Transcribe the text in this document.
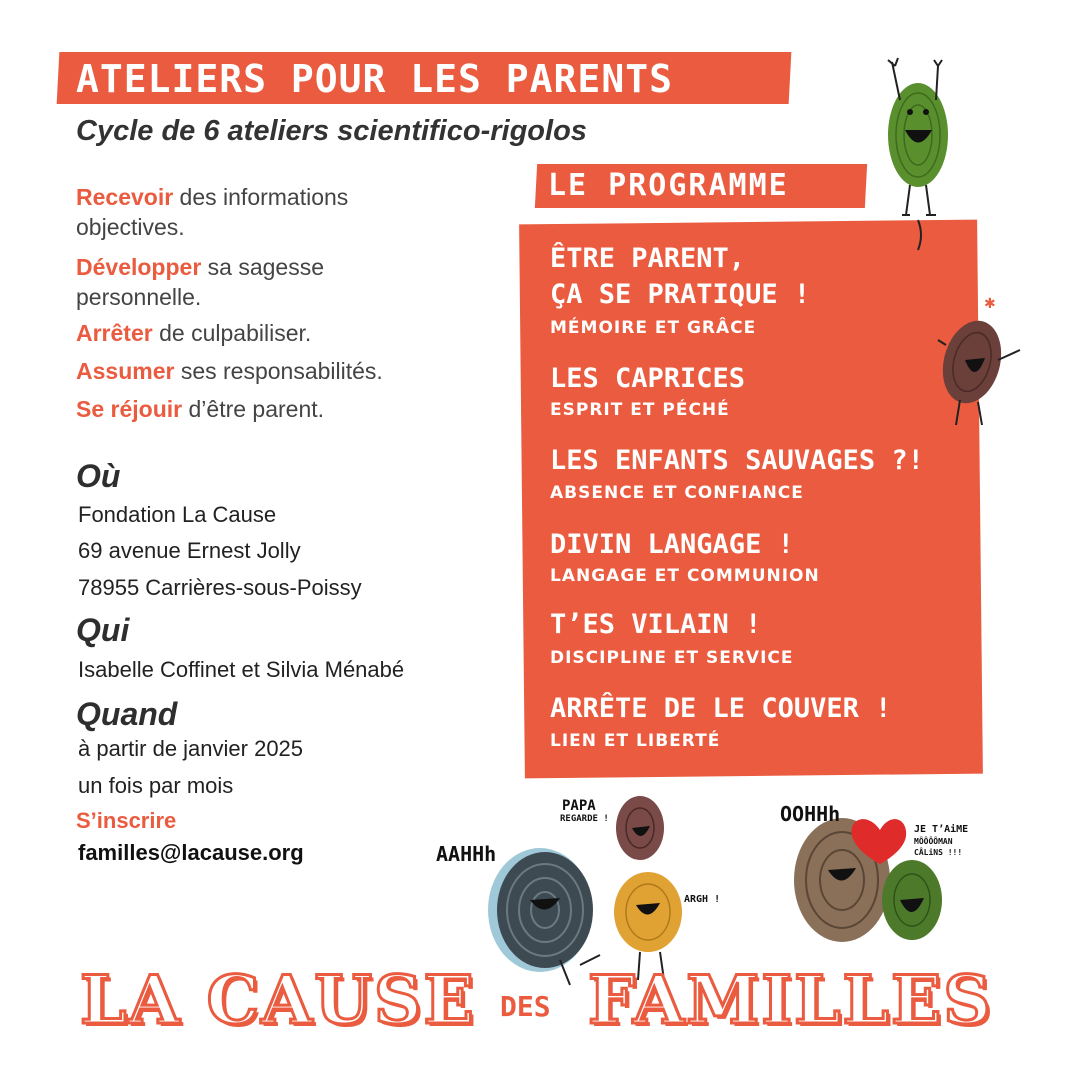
ATELIERS POUR LES PARENTS
Cycle de 6 ateliers scientifico-rigolos
Recevoir des informations
objectives.
Développer sa sagesse
personnelle.
Arrêter de culpabiliser.
Assumer ses responsabilités.
Se réjouir d’être parent.
Où
Fondation La Cause
69 avenue Ernest Jolly
78955 Carrières-sous-Poissy
Qui
Isabelle Coffinet et Silvia Ménabé
Quand
à partir de janvier 2025
un fois par mois
S’inscrire
familles@lacause.org
LE PROGRAMME
ÊTRE PARENT,
ÇA SE PRATIQUE !
MÉMOIRE ET GRÂCE
LES CAPRICES
ESPRIT ET PÉCHÉ
LES ENFANTS SAUVAGES ?!
ABSENCE ET CONFIANCE
DIVIN LANGAGE !
LANGAGE ET COMMUNION
T’ES VILAIN !
DISCIPLINE ET SERVICE
ARRÊTE DE LE COUVER !
LIEN ET LIBERTÉ
✱
AAHHh
PAPA
REGARDE !
ARGH !
OOHHh
JE T’AiME
MÔÔÔÔMAN
CÂLiNS !!!
LA CAUSE DES FAMILLES
